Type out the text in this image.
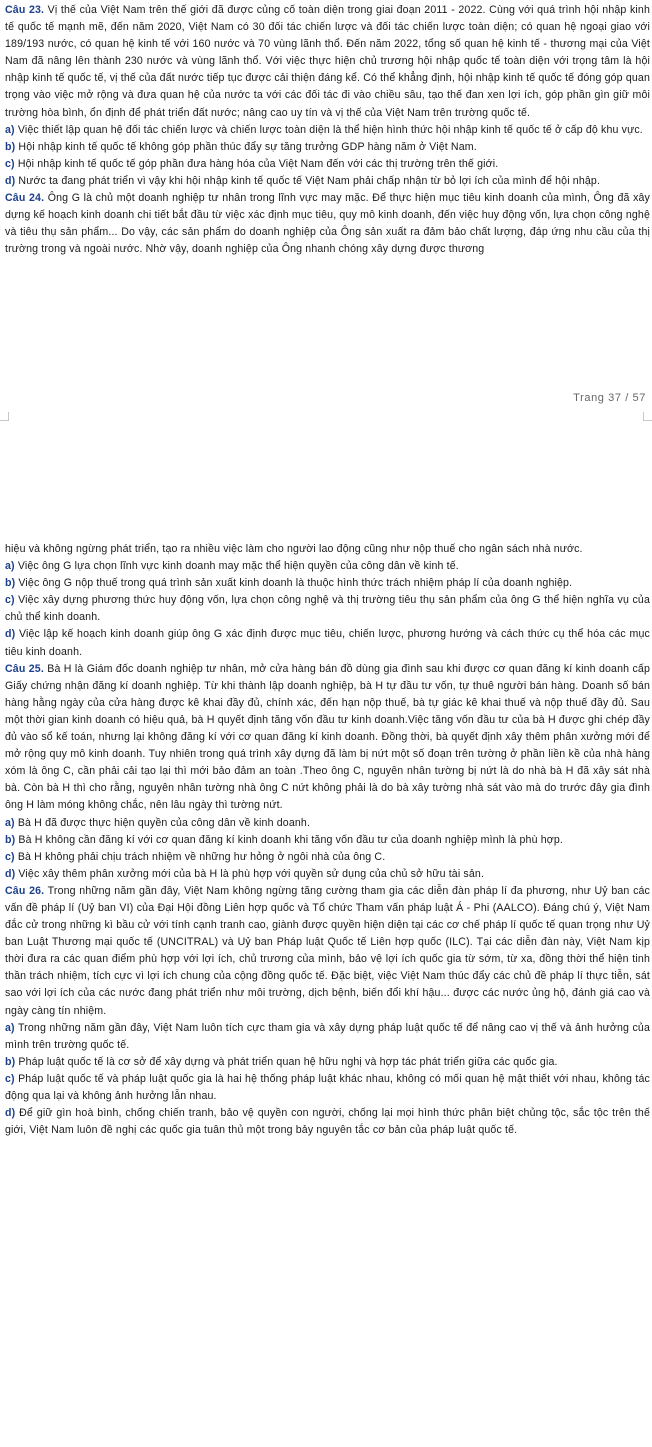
Câu 23. Vị thế của Việt Nam trên thế giới đã được củng cố toàn diện trong giai đoạn 2011 - 2022. Cùng với quá trình hội nhập kinh tế quốc tế mạnh mẽ, đến năm 2020, Việt Nam có 30 đối tác chiến lược và đối tác chiến lược toàn diện; có quan hệ ngoại giao với 189/193 nước, có quan hệ kinh tế với 160 nước và 70 vùng lãnh thổ. Đến năm 2022, tổng số quan hệ kinh tế - thương mại của Việt Nam đã nâng lên thành 230 nước và vùng lãnh thổ. Với việc thực hiện chủ trương hội nhập quốc tế toàn diện với trọng tâm là hội nhập kinh tế quốc tế, vị thế của đất nước tiếp tục được cải thiện đáng kể. Có thể khẳng định, hội nhập kinh tế quốc tế đóng góp quan trọng vào việc mở rộng và đưa quan hệ của nước ta với các đối tác đi vào chiều sâu, tạo thế đan xen lợi ích, góp phần gìn giữ môi trường hòa bình, ổn định để phát triển đất nước; nâng cao uy tín và vị thế của Việt Nam trên trường quốc tế.

a) Việc thiết lập quan hệ đối tác chiến lược và chiến lược toàn diện là thể hiện hình thức hội nhập kinh tế quốc tế ở cấp độ khu vực.

b) Hội nhập kinh tế quốc tế không góp phần thúc đẩy sự tăng trưởng GDP hàng năm ở Việt Nam.

c) Hội nhập kinh tế quốc tế góp phần đưa hàng hóa của Việt Nam đến với các thị trường trên thế giới.

d) Nước ta đang phát triển vì vậy khi hội nhập kinh tế quốc tế Việt Nam phải chấp nhận từ bỏ lợi ích của mình để hội nhập.

Câu 24. Ông G là chủ một doanh nghiệp tư nhân trong lĩnh vực may mặc. Để thực hiện mục tiêu kinh doanh của mình, Ông đã xây dựng kế hoạch kinh doanh chi tiết bắt đầu từ việc xác định mục tiêu, quy mô kinh doanh, đến việc huy động vốn, lựa chọn công nghệ và tiêu thụ sản phẩm... Do vậy, các sản phẩm do doanh nghiệp của Ông sản xuất ra đảm bảo chất lượng, đáp ứng nhu cầu của thị trường trong và ngoài nước. Nhờ vậy, doanh nghiệp của Ông nhanh chóng xây dựng được thương

Trang 37 / 57

hiệu và không ngừng phát triển, tạo ra nhiều việc làm cho người lao động cũng như nộp thuế cho ngân sách nhà nước.

a) Việc ông G lựa chọn lĩnh vực kinh doanh may mặc thể hiện quyền của công dân về kinh tế.

b) Việc ông G nộp thuế trong quá trình sản xuất kinh doanh là thuộc hình thức trách nhiệm pháp lí của doanh nghiệp.

c) Việc xây dựng phương thức huy động vốn, lựa chọn công nghệ và thị trường tiêu thụ sản phẩm của ông G thể hiện nghĩa vụ của chủ thể kinh doanh.

d) Việc lập kế hoạch kinh doanh giúp ông G xác định được mục tiêu, chiến lược, phương hướng và cách thức cụ thể hóa các mục tiêu kinh doanh.

Câu 25. Bà H là Giám đốc doanh nghiệp tư nhân, mở cửa hàng bán đồ dùng gia đình sau khi được cơ quan đăng kí kinh doanh cấp Giấy chứng nhận đăng kí doanh nghiệp. Từ khi thành lập doanh nghiệp, bà H tự đầu tư vốn, tự thuê người bán hàng. Doanh số bán hàng hằng ngày của cửa hàng được kê khai đầy đủ, chính xác, đến hạn nộp thuế, bà tự giác kê khai thuế và nộp thuế đầy đủ. Sau một thời gian kinh doanh có hiệu quả, bà H quyết định tăng vốn đầu tư kinh doanh.Việc tăng vốn đầu tư của bà H được ghi chép đầy đủ vào sổ kế toán, nhưng lại không đăng kí với cơ quan đăng kí kinh doanh. Đồng thời, bà quyết định xây thêm phân xưởng mới để mở rộng quy mô kinh doanh. Tuy nhiên trong quá trình xây dựng đã làm bị nứt một số đoạn trên tường ở phần liền kề của nhà hàng xóm là ông C, cần phải cải tạo lại thì mới bảo đảm an toàn .Theo ông C, nguyên nhân tường bị nứt là do nhà bà H đã xây sát nhà bà. Còn bà H thì cho rằng, nguyên nhân tường nhà ông C nứt không phải là do bà xây tường nhà sát vào mà do trước đây gia đình ông H làm móng không chắc, nên lâu ngày thì tường nứt.

a) Bà H đã được thực hiện quyền của công dân về kinh doanh.

b) Bà H không cần đăng kí với cơ quan đăng kí kinh doanh khi tăng vốn đầu tư của doanh nghiệp mình là phù hợp.

c) Bà H không phải chịu trách nhiệm về những hư hỏng ở ngôi nhà của ông C.

d) Việc xây thêm phân xưởng mới của bà H là phù hợp với quyền sử dụng của chủ sở hữu tài sản.

Câu 26. Trong những năm gần đây, Việt Nam không ngừng tăng cường tham gia các diễn đàn pháp lí đa phương, như Uỷ ban các vấn đề pháp lí (Uỷ ban VI) của Đại Hội đồng Liên hợp quốc và Tổ chức Tham vấn pháp luật Á - Phi (AALCO). Đáng chú ý, Việt Nam đắc cử trong những kì bầu cử với tính cạnh tranh cao, giành được quyền hiện diện tại các cơ chế pháp lí quốc tế quan trọng như Uỷ ban Luật Thương mại quốc tế (UNCITRAL) và Uỷ ban Pháp luật Quốc tế Liên hợp quốc (ILC). Tại các diễn đàn này, Việt Nam kịp thời đưa ra các quan điểm phù hợp với lợi ích, chủ trương của mình, bảo vệ lợi ích quốc gia từ sớm, từ xa, đồng thời thể hiện tinh thần trách nhiệm, tích cực vì lợi ích chung của cộng đồng quốc tế. Đặc biệt, việc Việt Nam thúc đẩy các chủ đề pháp lí thực tiễn, sát sao với lợi ích của các nước đang phát triển như môi trường, dịch bệnh, biến đổi khí hậu... được các nước ủng hộ, đánh giá cao và ngày càng tín nhiệm.

a) Trong những năm gần đây, Việt Nam luôn tích cực tham gia và xây dựng pháp luật quốc tế để nâng cao vị thế và ảnh hưởng của mình trên trường quốc tế.

b) Pháp luật quốc tế là cơ sở để xây dựng và phát triển quan hệ hữu nghị và hợp tác phát triển giữa các quốc gia.

c) Pháp luật quốc tế và pháp luật quốc gia là hai hệ thống pháp luật khác nhau, không có mối quan hệ mật thiết với nhau, không tác động qua lại và không ảnh hưởng lẫn nhau.

d) Để giữ gìn hoà bình, chống chiến tranh, bảo vệ quyền con người, chống lại mọi hình thức phân biệt chủng tộc, sắc tộc trên thế giới, Việt Nam luôn đề nghị các quốc gia tuân thủ một trong bảy nguyên tắc cơ bản của pháp luật quốc tế.
